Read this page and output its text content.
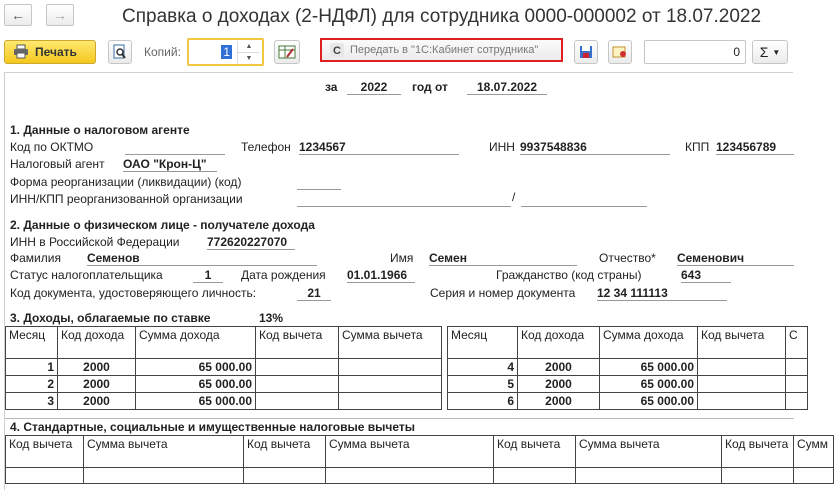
← →	Справка о доходах (2-НДФЛ) для сотрудника 0000-000002 от 18.07.2022
Печать	Копий:	1	▲
▼
С Передать в "1С:Кабинет сотрудника"	0	Σ ▼
за	2022	год от	18.07.2022
1. Данные о налоговом агенте
Код по ОКТМО	Телефон 1234567	ИНН 9937548836	КПП 123456789
Налоговый агент ОАО "Крон-Ц"
Форма реорганизации (ликвидации) (код)
ИНН/КПП реорганизованной организации	/
2. Данные о физическом лице - получателе дохода
ИНН в Российской Федерации 772620227070
Фамилия Семенов	Имя Семен	Отчество* Семенович
Статус налогоплательщика	1	Дата рождения 01.01.1966	Гражданство (код страны)	643
Код документа, удостоверяющего личность:	21	Серия и номер документа 12 34 111113
3. Доходы, облагаемые по ставке	13%
Месяц	Код дохода	Сумма дохода	Код вычета	Сумма вычета
1	2000	65 000.00		
2	2000	65 000.00		
3	2000	65 000.00		
Месяц	Код дохода	Сумма дохода	Код вычета	С
4	2000	65 000.00		
5	2000	65 000.00		
6	2000	65 000.00		
4. Стандартные, социальные и имущественные налоговые вычеты
Код вычета	Сумма вычета	Код вычета	Сумма вычета	Код вычета	Сумма вычета	Код вычета	Сумм
